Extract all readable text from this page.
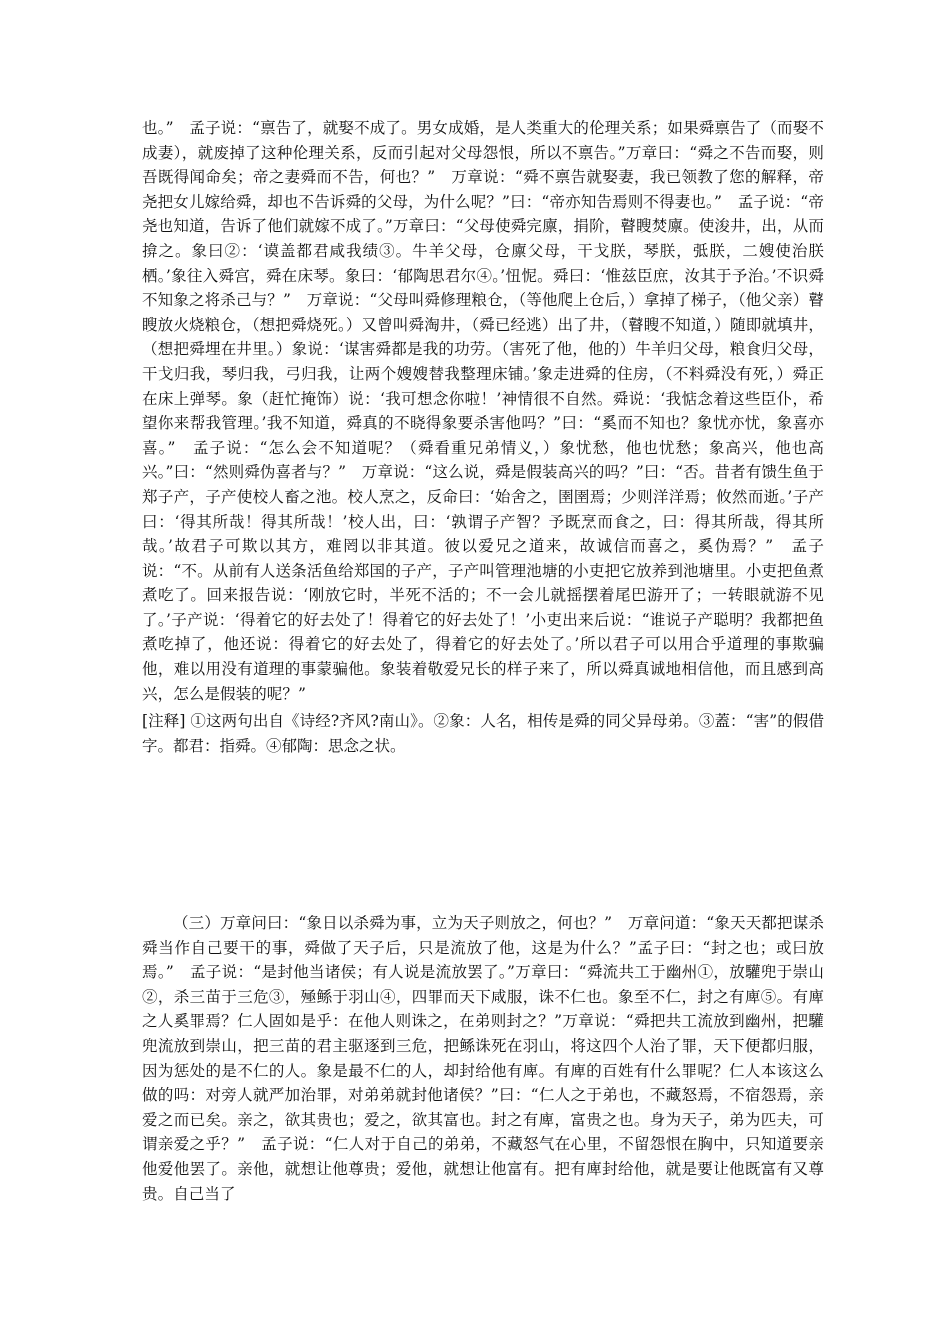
也。”　孟子说：“禀告了，就娶不成了。男女成婚，是人类重大的伦理关系；如果舜禀告了（而娶不成妻），就废掉了这种伦理关系，反而引起对父母怨恨，所以不禀告。”万章曰：“舜之不告而娶，则吾既得闻命矣；帝之妻舜而不告，何也？”　万章说：“舜不禀告就娶妻，我已领教了您的解释，帝尧把女儿嫁给舜，却也不告诉舜的父母，为什么呢？”曰：“帝亦知告焉则不得妻也。”　孟子说：“帝尧也知道，告诉了他们就嫁不成了。”万章曰：“父母使舜完廪，捐阶，瞽瞍焚廪。使浚井，出，从而揜之。象曰②：‘谟盖都君咸我绩③。牛羊父母，仓廪父母，干戈朕，琴朕，弤朕，二嫂使治朕栖。’象往入舜宫，舜在床琴。象曰：‘郁陶思君尔④。’忸怩。舜曰：‘惟兹臣庶，汝其于予治。’不识舜不知象之将杀己与？”　万章说：“父母叫舜修理粮仓，（等他爬上仓后，）拿掉了梯子，（他父亲）瞽瞍放火烧粮仓，（想把舜烧死。）又曾叫舜淘井，（舜已经逃）出了井，（瞽瞍不知道，）随即就填井，（想把舜埋在井里。）象说：‘谋害舜都是我的功劳。（害死了他，他的）牛羊归父母，粮食归父母，干戈归我，琴归我，弓归我，让两个嫂嫂替我整理床铺。’象走进舜的住房，（不料舜没有死，）舜正在床上弹琴。象（赶忙掩饰）说：‘我可想念你啦！’神情很不自然。舜说：‘我惦念着这些臣仆，希望你来帮我管理。’我不知道，舜真的不晓得象要杀害他吗？”曰：“奚而不知也？象忧亦忧，象喜亦喜。”　孟子说：“怎么会不知道呢？（舜看重兄弟情义，）象忧愁，他也忧愁；象高兴，他也高兴。”曰：“然则舜伪喜者与？”　万章说：“这么说，舜是假装高兴的吗？”曰：“否。昔者有馈生鱼于郑子产，子产使校人畜之池。校人烹之，反命曰：‘始舍之，圉圉焉；少则洋洋焉；攸然而逝。’子产曰：‘得其所哉！得其所哉！’校人出，曰：‘孰谓子产智？予既烹而食之，曰：得其所哉，得其所哉。’故君子可欺以其方，难罔以非其道。彼以爱兄之道来，故诚信而喜之，奚伪焉？”　孟子说：“不。从前有人送条活鱼给郑国的子产，子产叫管理池塘的小吏把它放养到池塘里。小吏把鱼煮煮吃了。回来报告说：‘刚放它时，半死不活的；不一会儿就摇摆着尾巴游开了；一转眼就游不见了。’子产说：‘得着它的好去处了！得着它的好去处了！’小吏出来后说：“谁说子产聪明？我都把鱼煮吃掉了，他还说：得着它的好去处了，得着它的好去处了。’所以君子可以用合乎道理的事欺骗他，难以用没有道理的事蒙骗他。象装着敬爱兄长的样子来了，所以舜真诚地相信他，而且感到高兴，怎么是假装的呢？”
[注释] ①这两句出自《诗经?齐风?南山》。②象：人名，相传是舜的同父异母弟。③蓋：“害”的假借字。都君：指舜。④郁陶：思念之状。
（三）万章问曰：“象日以杀舜为事，立为天子则放之，何也？”　万章问道：“象天天都把谋杀舜当作自己要干的事，舜做了天子后，只是流放了他，这是为什么？”孟子曰：“封之也；或曰放焉。”　孟子说：“是封他当诸侯；有人说是流放罢了。”万章曰：“舜流共工于幽州①，放驩兜于崇山②，杀三苗于三危③，殛鲧于羽山④，四罪而天下咸服，诛不仁也。象至不仁，封之有庳⑤。有庳之人奚罪焉？仁人固如是乎：在他人则诛之，在弟则封之？”万章说：“舜把共工流放到幽州，把驩兜流放到崇山，把三苗的君主驱逐到三危，把鲧诛死在羽山，将这四个人治了罪，天下便都归服，因为惩处的是不仁的人。象是最不仁的人，却封给他有庳。有庳的百姓有什么罪呢？仁人本该这么做的吗：对旁人就严加治罪，对弟弟就封他诸侯？”曰：“仁人之于弟也，不藏怒焉，不宿怨焉，亲爱之而已矣。亲之，欲其贵也；爱之，欲其富也。封之有庳，富贵之也。身为天子，弟为匹夫，可谓亲爱之乎？”　孟子说：“仁人对于自己的弟弟，不藏怒气在心里，不留怨恨在胸中，只知道要亲他爱他罢了。亲他，就想让他尊贵；爱他，就想让他富有。把有庳封给他，就是要让他既富有又尊贵。自己当了
